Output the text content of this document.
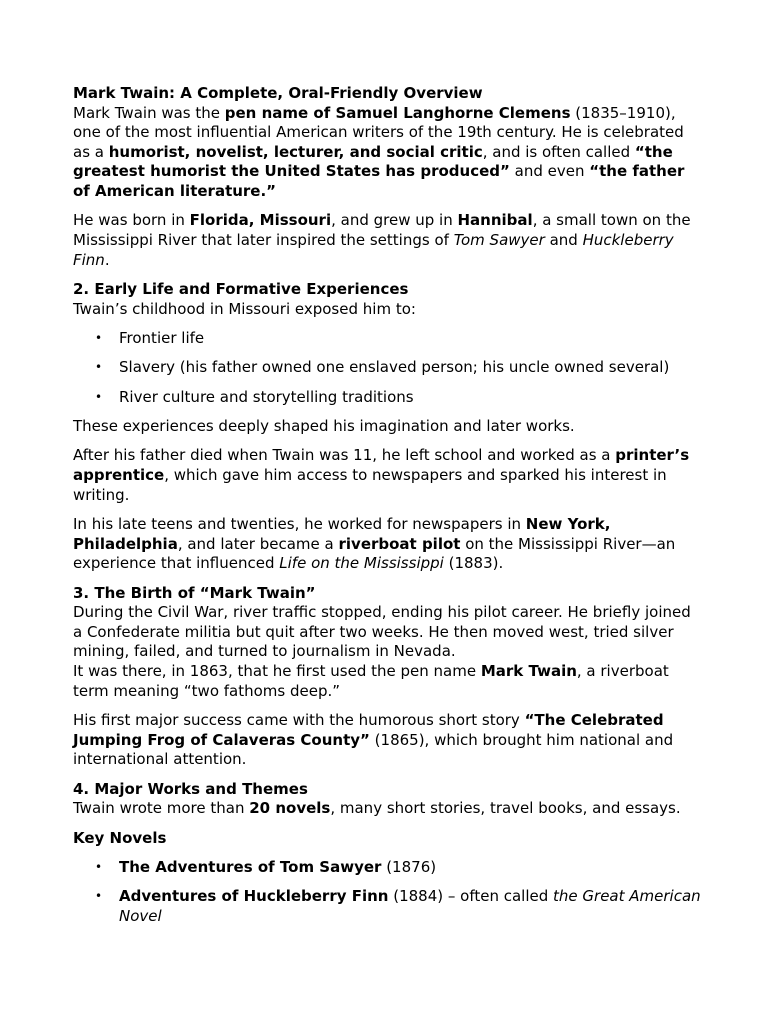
Mark Twain: A Complete, Oral-Friendly Overview
Mark Twain was the pen name of Samuel Langhorne Clemens (1835–1910), one of the most influential American writers of the 19th century. He is celebrated as a humorist, novelist, lecturer, and social critic, and is often called “the greatest humorist the United States has produced” and even “the father of American literature.”

He was born in Florida, Missouri, and grew up in Hannibal, a small town on the Mississippi River that later inspired the settings of Tom Sawyer and Huckleberry Finn.

2. Early Life and Formative Experiences
Twain’s childhood in Missouri exposed him to:

• Frontier life
• Slavery (his father owned one enslaved person; his uncle owned several)
• River culture and storytelling traditions

These experiences deeply shaped his imagination and later works.

After his father died when Twain was 11, he left school and worked as a printer’s apprentice, which gave him access to newspapers and sparked his interest in writing.

In his late teens and twenties, he worked for newspapers in New York, Philadelphia, and later became a riverboat pilot on the Mississippi River—an experience that influenced Life on the Mississippi (1883).

3. The Birth of “Mark Twain”
During the Civil War, river traffic stopped, ending his pilot career. He briefly joined a Confederate militia but quit after two weeks. He then moved west, tried silver mining, failed, and turned to journalism in Nevada.
It was there, in 1863, that he first used the pen name Mark Twain, a riverboat term meaning “two fathoms deep.”

His first major success came with the humorous short story “The Celebrated Jumping Frog of Calaveras County” (1865), which brought him national and international attention.

4. Major Works and Themes
Twain wrote more than 20 novels, many short stories, travel books, and essays.

Key Novels

• The Adventures of Tom Sawyer (1876)
• Adventures of Huckleberry Finn (1884) – often called the Great American Novel
